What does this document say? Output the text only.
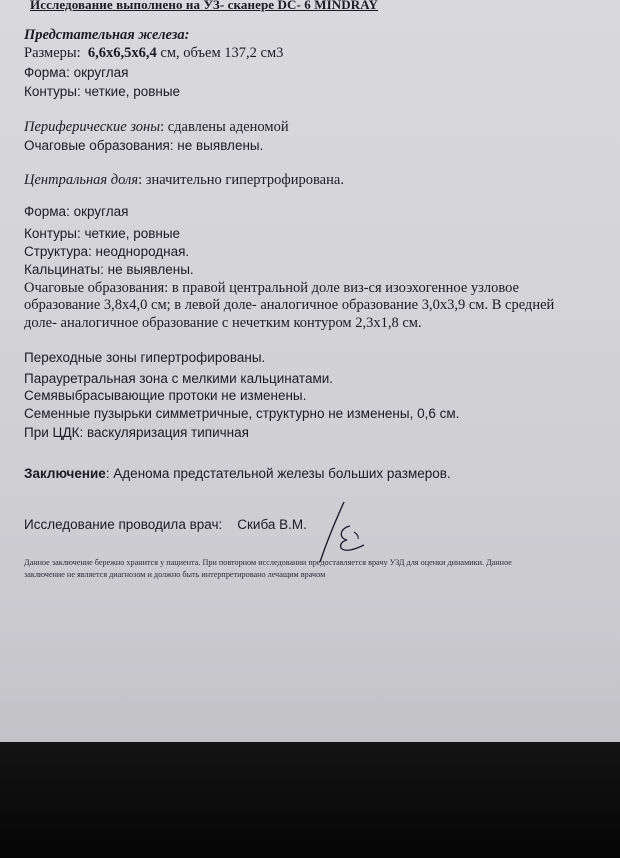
Исследование выполнено на УЗ- сканере DC- 6 MINDRAY

Предстательная железа:

Размеры: 6,6x6,5x6,4 см, объем 137,2 см3

Форма: округлая

Контуры: четкие, ровные

Периферические зоны: сдавлены аденомой

Очаговые образования: не выявлены.

Центральная доля: значительно гипертрофирована.

Форма: округлая

Контуры: четкие, ровные

Структура: неоднородная.

Кальцинаты: не выявлены.

Очаговые образования: в правой центральной доле виз-ся изоэхогенное узловое

образование 3,8x4,0 см; в левой доле- аналогичное образование 3,0x3,9 см. В средней

доле- аналогичное образование с нечетким контуром 2,3x1,8 см.

Переходные зоны гипертрофированы.

Парауретральная зона с мелкими кальцинатами.

Семявыбрасывающие протоки не изменены.

Семенные пузырьки симметричные, структурно не изменены, 0,6 см.

При ЦДК: васкуляризация типичная

Заключение: Аденома предстательной железы больших размеров.

Исследование проводила врач: Скиба В.М.

Данное заключение бережно хранится у пациента. При повторном исследовании предоставляется врачу УЗД для оценки динамики. Данное
заключение не является диагнозом и должно быть интерпретировано лечащим врачом
